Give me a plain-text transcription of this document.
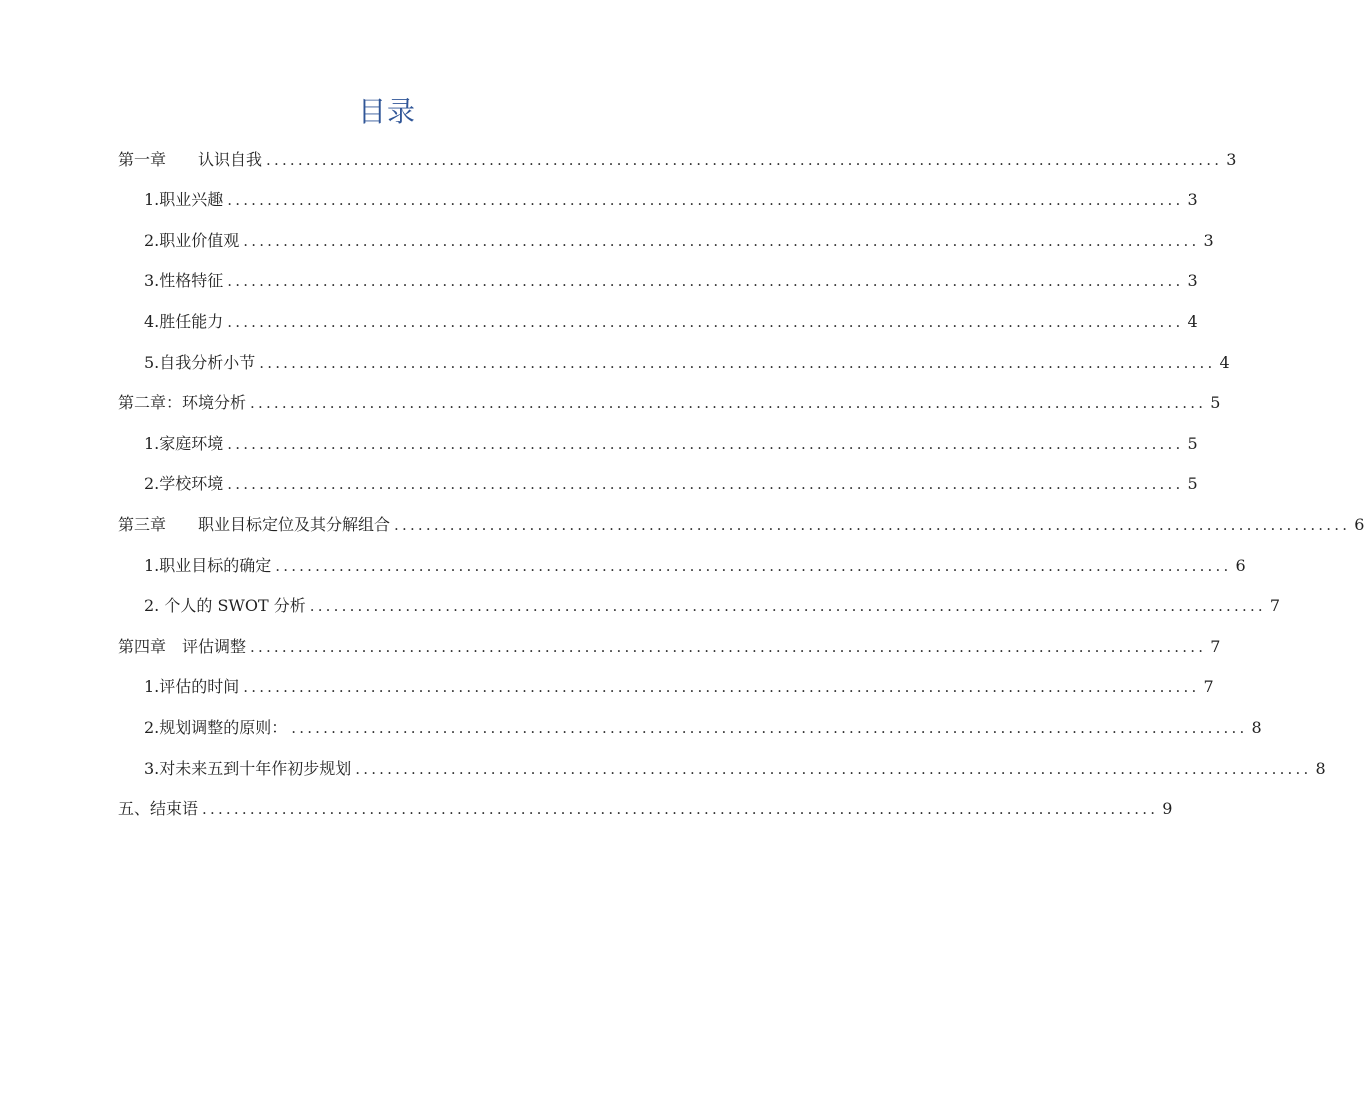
目录
第一章　　认识自我 ........................................................................................................................ 3
1.职业兴趣 ........................................................................................................................ 3
2.职业价值观 ........................................................................................................................ 3
3.性格特征 ........................................................................................................................ 3
4.胜任能力 ........................................................................................................................ 4
5.自我分析小节 ........................................................................................................................ 4
第二章：环境分析 ........................................................................................................................ 5
1.家庭环境 ........................................................................................................................ 5
2.学校环境 ........................................................................................................................ 5
第三章　　职业目标定位及其分解组合 ........................................................................................................................ 6
1.职业目标的确定 ........................................................................................................................ 6
2. 个人的 SWOT 分析 ........................................................................................................................ 7
第四章　评估调整 ........................................................................................................................ 7
1.评估的时间 ........................................................................................................................ 7
2.规划调整的原则： ........................................................................................................................ 8
3.对未来五到十年作初步规划 ........................................................................................................................ 8
五、结束语 ........................................................................................................................ 9
